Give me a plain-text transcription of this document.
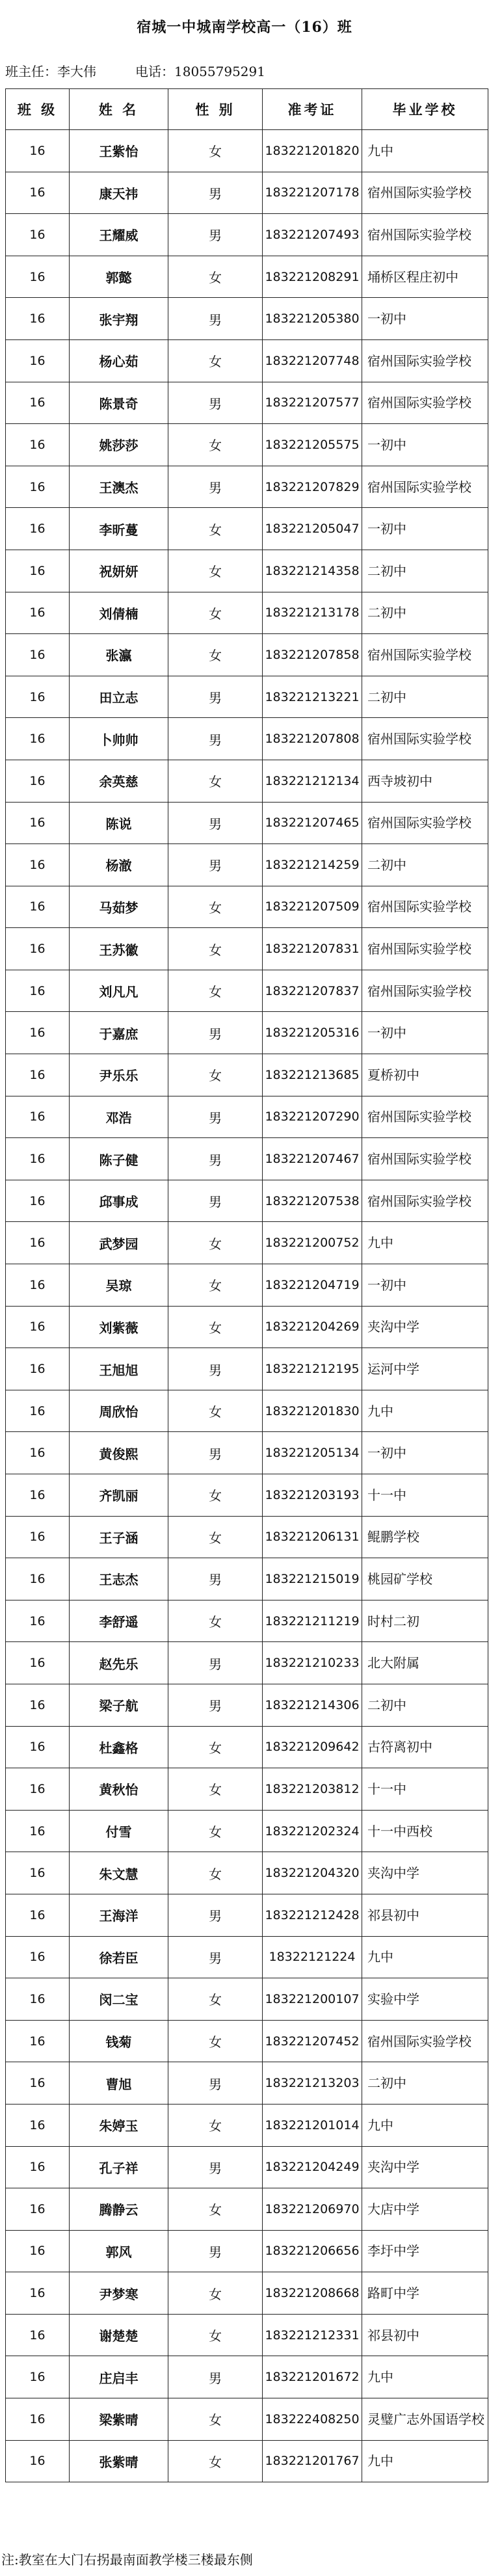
宿城一中城南学校高一（16）班
班主任：李大伟	电话：18055795291
班 级	姓 名	性 别	准考证	毕业学校
16	王紫怡	女	183221201820	九中
16	康天祎	男	183221207178	宿州国际实验学校
16	王耀威	男	183221207493	宿州国际实验学校
16	郭懿	女	183221208291	埇桥区程庄初中
16	张宇翔	男	183221205380	一初中
16	杨心茹	女	183221207748	宿州国际实验学校
16	陈景奇	男	183221207577	宿州国际实验学校
16	姚莎莎	女	183221205575	一初中
16	王澳杰	男	183221207829	宿州国际实验学校
16	李昕蔓	女	183221205047	一初中
16	祝妍妍	女	183221214358	二初中
16	刘倩楠	女	183221213178	二初中
16	张瀛	女	183221207858	宿州国际实验学校
16	田立志	男	183221213221	二初中
16	卜帅帅	男	183221207808	宿州国际实验学校
16	余英慈	女	183221212134	西寺坡初中
16	陈说	男	183221207465	宿州国际实验学校
16	杨澈	男	183221214259	二初中
16	马茹梦	女	183221207509	宿州国际实验学校
16	王苏徽	女	183221207831	宿州国际实验学校
16	刘凡凡	女	183221207837	宿州国际实验学校
16	于嘉庶	男	183221205316	一初中
16	尹乐乐	女	183221213685	夏桥初中
16	邓浩	男	183221207290	宿州国际实验学校
16	陈子健	男	183221207467	宿州国际实验学校
16	邱事成	男	183221207538	宿州国际实验学校
16	武梦园	女	183221200752	九中
16	吴琼	女	183221204719	一初中
16	刘紫薇	女	183221204269	夹沟中学
16	王旭旭	男	183221212195	运河中学
16	周欣怡	女	183221201830	九中
16	黄俊熙	男	183221205134	一初中
16	齐凯丽	女	183221203193	十一中
16	王子涵	女	183221206131	鲲鹏学校
16	王志杰	男	183221215019	桃园矿学校
16	李舒遥	女	183221211219	时村二初
16	赵先乐	男	183221210233	北大附属
16	梁子航	男	183221214306	二初中
16	杜鑫格	女	183221209642	古符离初中
16	黄秋怡	女	183221203812	十一中
16	付雪	女	183221202324	十一中西校
16	朱文慧	女	183221204320	夹沟中学
16	王海洋	男	183221212428	祁县初中
16	徐若臣	男	18322121224	九中
16	闵二宝	女	183221200107	实验中学
16	钱菊	女	183221207452	宿州国际实验学校
16	曹旭	男	183221213203	二初中
16	朱婷玉	女	183221201014	九中
16	孔子祥	男	183221204249	夹沟中学
16	腾静云	女	183221206970	大店中学
16	郭风	男	183221206656	李圩中学
16	尹梦寒	女	183221208668	路町中学
16	谢楚楚	女	183221212331	祁县初中
16	庄启丰	男	183221201672	九中
16	梁紫晴	女	183222408250	灵璧广志外国语学校
16	张紫晴	女	183221201767	九中
注:教室在大门右拐最南面教学楼三楼最东侧
